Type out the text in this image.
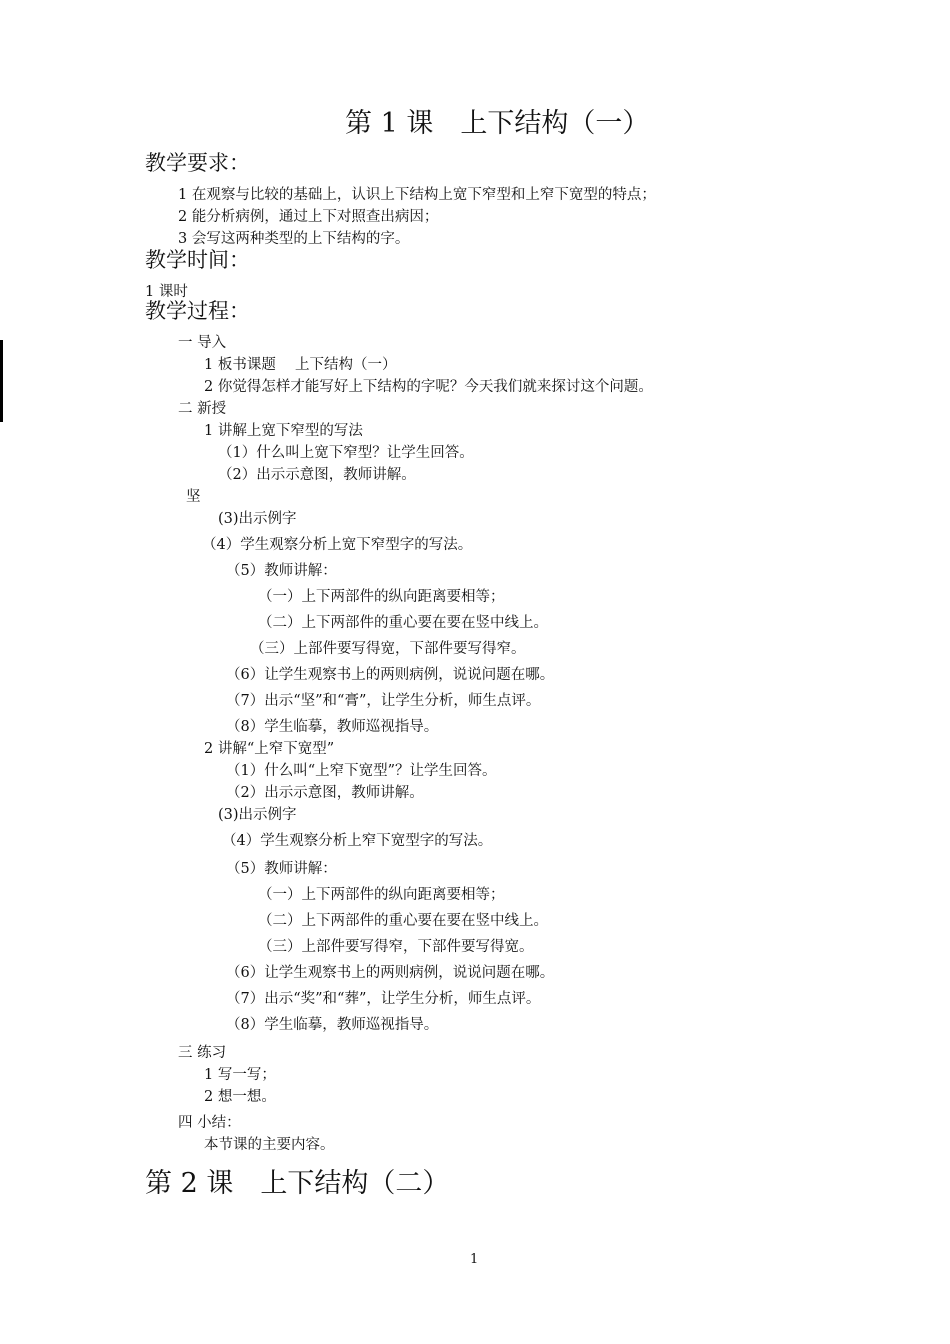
第 1 课　上下结构（一）
教学要求：
1 在观察与比较的基础上，认识上下结构上宽下窄型和上窄下宽型的特点；
2 能分析病例，通过上下对照查出病因；
3 会写这两种类型的上下结构的字。
教学时间：
1 课时
教学过程：
一 导入
1 板书课题　 上下结构（一）
2 你觉得怎样才能写好上下结构的字呢？今天我们就来探讨这个问题。
二 新授
1 讲解上宽下窄型的写法
（1）什么叫上宽下窄型？让学生回答。
（2）出示示意图，教师讲解。
坚
(3)出示例字
（4）学生观察分析上宽下窄型字的写法。
（5）教师讲解：
（一）上下两部件的纵向距离要相等；
（二）上下两部件的重心要在要在竖中线上。
（三）上部件要写得宽，下部件要写得窄。
（6）让学生观察书上的两则病例，说说问题在哪。
（7）出示“坚”和“膏”，让学生分析，师生点评。
（8）学生临摹，教师巡视指导。
2 讲解“上窄下宽型”
（1）什么叫“上窄下宽型”？让学生回答。
（2）出示示意图，教师讲解。
(3)出示例字
（4）学生观察分析上窄下宽型字的写法。
（5）教师讲解：
（一）上下两部件的纵向距离要相等；
（二）上下两部件的重心要在要在竖中线上。
（三）上部件要写得窄，下部件要写得宽。
（6）让学生观察书上的两则病例，说说问题在哪。
（7）出示“奖”和“葬”，让学生分析，师生点评。
（8）学生临摹，教师巡视指导。
三 练习
1 写一写；
2 想一想。
四 小结：
本节课的主要内容。
第 2 课　上下结构（二）
1
